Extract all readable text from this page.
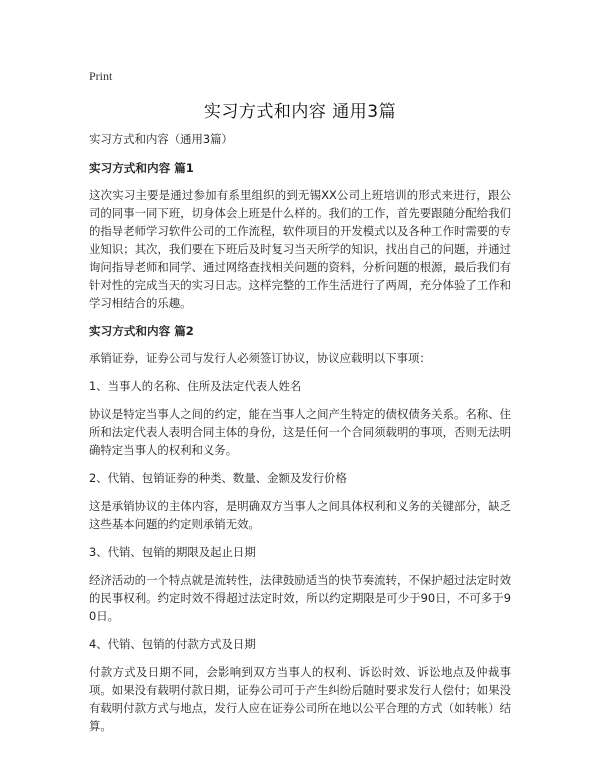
Print
实习方式和内容 通用3篇

实习方式和内容（通用3篇）

实习方式和内容 篇1

这次实习主要是通过参加有系里组织的到无锡XX公司上班培训的形式来进行，跟公司的同事一同下班，切身体会上班是什么样的。我们的工作，首先要跟随分配给我们的指导老师学习软件公司的工作流程，软件项目的开发模式以及各种工作时需要的专业知识；其次，我们要在下班后及时复习当天所学的知识，找出自己的问题，并通过询问指导老师和同学、通过网络查找相关问题的资料，分析问题的根源，最后我们有针对性的完成当天的实习日志。这样完整的工作生活进行了两周，充分体验了工作和学习相结合的乐趣。

实习方式和内容 篇2

承销证券，证券公司与发行人必须签订协议，协议应载明以下事项：

1、当事人的名称、住所及法定代表人姓名

协议是特定当事人之间的约定，能在当事人之间产生特定的债权债务关系。名称、住所和法定代表人表明合同主体的身份，这是任何一个合同须载明的事项，否则无法明确特定当事人的权利和义务。

2、代销、包销证券的种类、数量、金额及发行价格

这是承销协议的主体内容，是明确双方当事人之间具体权利和义务的关键部分，缺乏这些基本问题的约定则承销无效。

3、代销、包销的期限及起止日期

经济活动的一个特点就是流转性，法律鼓励适当的快节奏流转，不保护超过法定时效的民事权利。约定时效不得超过法定时效，所以约定期限是可少于90日，不可多于90日。

4、代销、包销的付款方式及日期

付款方式及日期不同，会影响到双方当事人的权利、诉讼时效、诉讼地点及仲裁事项。如果没有载明付款日期，证券公司可于产生纠纷后随时要求发行人偿付；如果没有载明付款方式与地点，发行人应在证券公司所在地以公平合理的方式（如转帐）结算。
